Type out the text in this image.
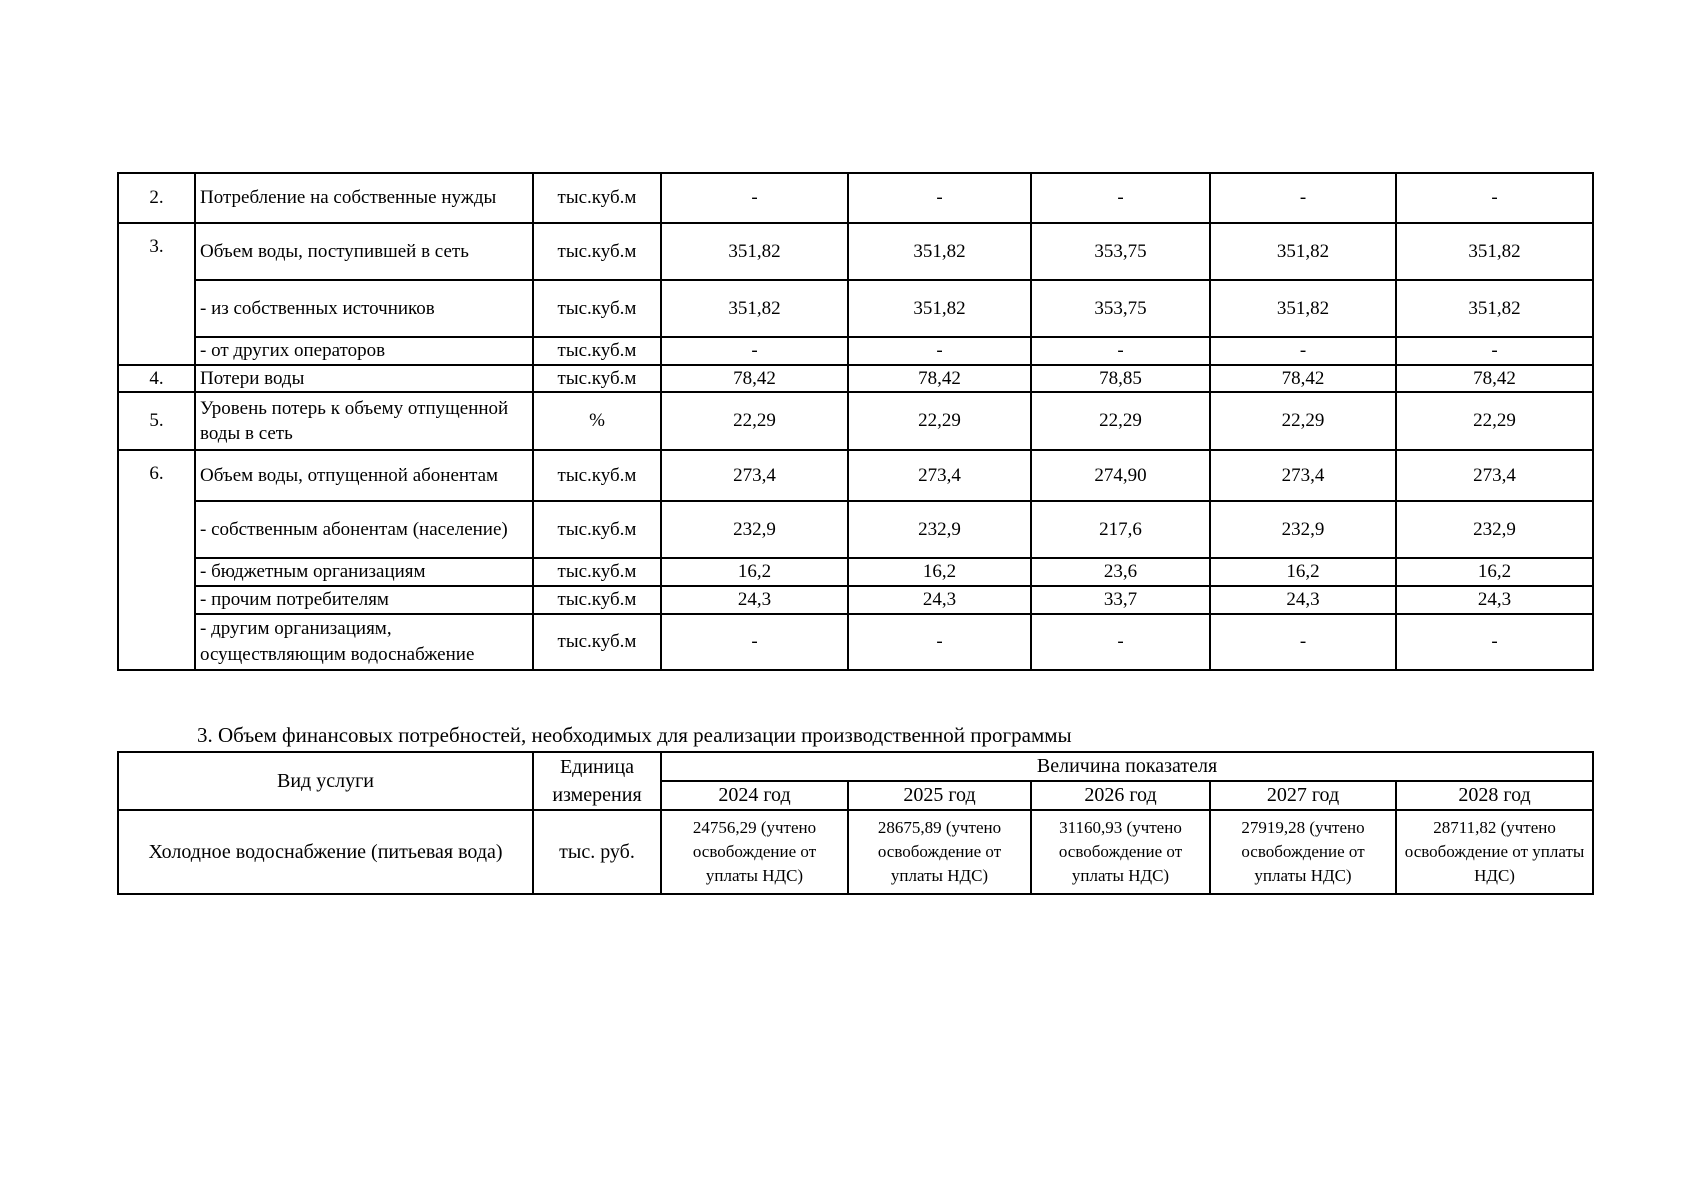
2.	Потребление на собственные нужды	тыс.куб.м	-	-	-	-	-
3.	Объем воды, поступившей в сеть	тыс.куб.м	351,82	351,82	353,75	351,82	351,82
	- из собственных источников	тыс.куб.м	351,82	351,82	353,75	351,82	351,82
	- от других операторов	тыс.куб.м	-	-	-	-	-
4.	Потери воды	тыс.куб.м	78,42	78,42	78,85	78,42	78,42
5.	Уровень потерь к объему отпущенной воды в сеть	%	22,29	22,29	22,29	22,29	22,29
6.	Объем воды, отпущенной абонентам	тыс.куб.м	273,4	273,4	274,90	273,4	273,4
	- собственным абонентам (население)	тыс.куб.м	232,9	232,9	217,6	232,9	232,9
	- бюджетным организациям	тыс.куб.м	16,2	16,2	23,6	16,2	16,2
	- прочим потребителям	тыс.куб.м	24,3	24,3	33,7	24,3	24,3
	- другим организациям, осуществляющим водоснабжение	тыс.куб.м	-	-	-	-	-
3. Объем финансовых потребностей, необходимых для реализации производственной программы
Вид услуги	Единица	Величина показателя				
	измерения	2024 год	2025 год	2026 год	2027 год	2028 год
Холодное водоснабжение (питьевая вода)	тыс. руб.	24756,29 (учтено освобождение от уплаты НДС)	28675,89 (учтено освобождение от уплаты НДС)	31160,93 (учтено освобождение от уплаты НДС)	27919,28 (учтено освобождение от уплаты НДС)	28711,82 (учтено освобождение от уплаты НДС)
